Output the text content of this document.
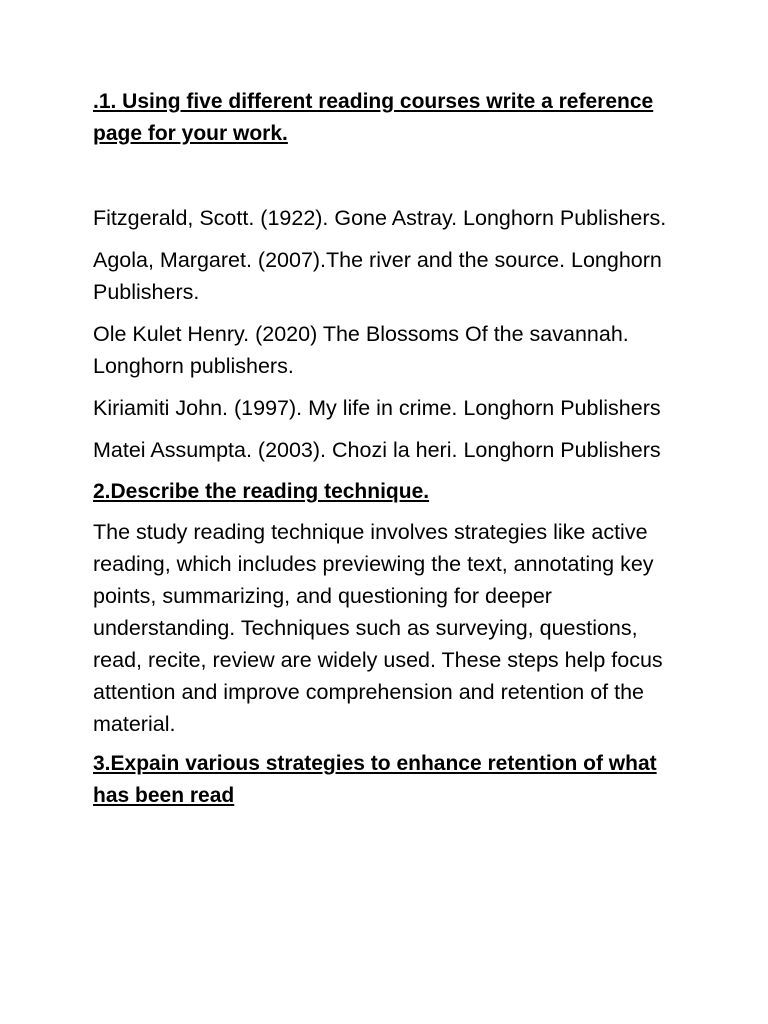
.1. Using five different reading courses write a reference page for your work.

Fitzgerald, Scott. (1922). Gone Astray. Longhorn Publishers.

Agola, Margaret. (2007).The river and the source. Longhorn Publishers.

Ole Kulet Henry. (2020) The Blossoms Of the savannah. Longhorn publishers.

Kiriamiti John. (1997). My life in crime. Longhorn Publishers

Matei Assumpta. (2003). Chozi la heri. Longhorn Publishers

2.Describe the reading technique.

The study reading technique involves strategies like active reading, which includes previewing the text, annotating key points, summarizing, and questioning for deeper understanding. Techniques such as surveying, questions, read, recite, review are widely used. These steps help focus attention and improve comprehension and retention of the material.

3.Expain various strategies to enhance retention of what has been read
